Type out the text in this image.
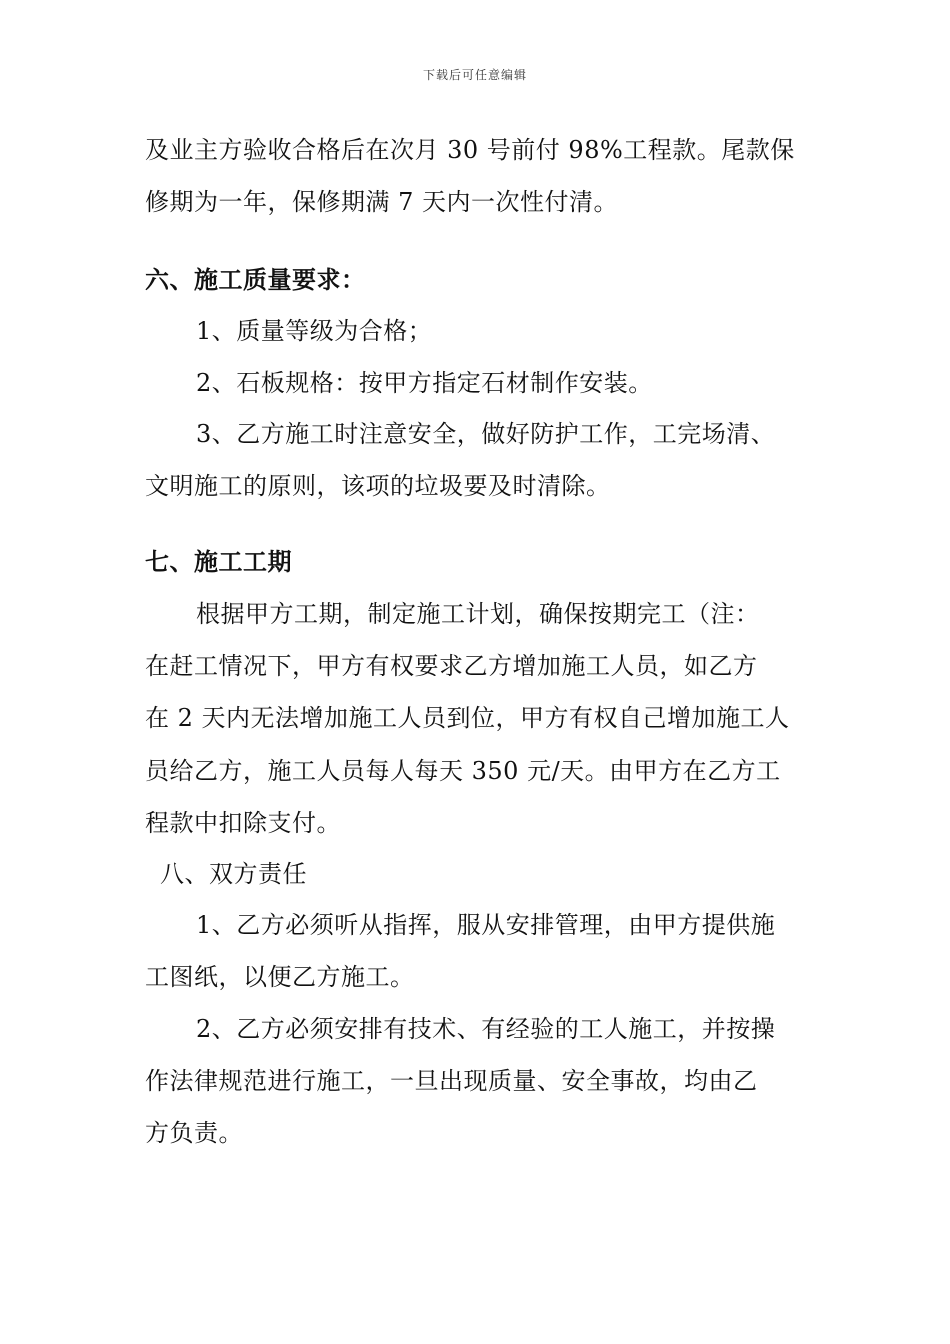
下载后可任意编辑
及业主方验收合格后在次月 30 号前付 98%工程款。尾款保
修期为一年，保修期满 7 天内一次性付清。
六、施工质量要求：
1、质量等级为合格；
2、石板规格：按甲方指定石材制作安装。
3、乙方施工时注意安全，做好防护工作，工完场清、
文明施工的原则，该项的垃圾要及时清除。
七、施工工期
根据甲方工期，制定施工计划，确保按期完工（注：
在赶工情况下，甲方有权要求乙方增加施工人员，如乙方
在 2 天内无法增加施工人员到位，甲方有权自己增加施工人
员给乙方，施工人员每人每天 350 元/天。由甲方在乙方工
程款中扣除支付。
八、双方责任
1、乙方必须听从指挥，服从安排管理，由甲方提供施
工图纸，以便乙方施工。
2、乙方必须安排有技术、有经验的工人施工，并按操
作法律规范进行施工，一旦出现质量、安全事故，均由乙
方负责。
